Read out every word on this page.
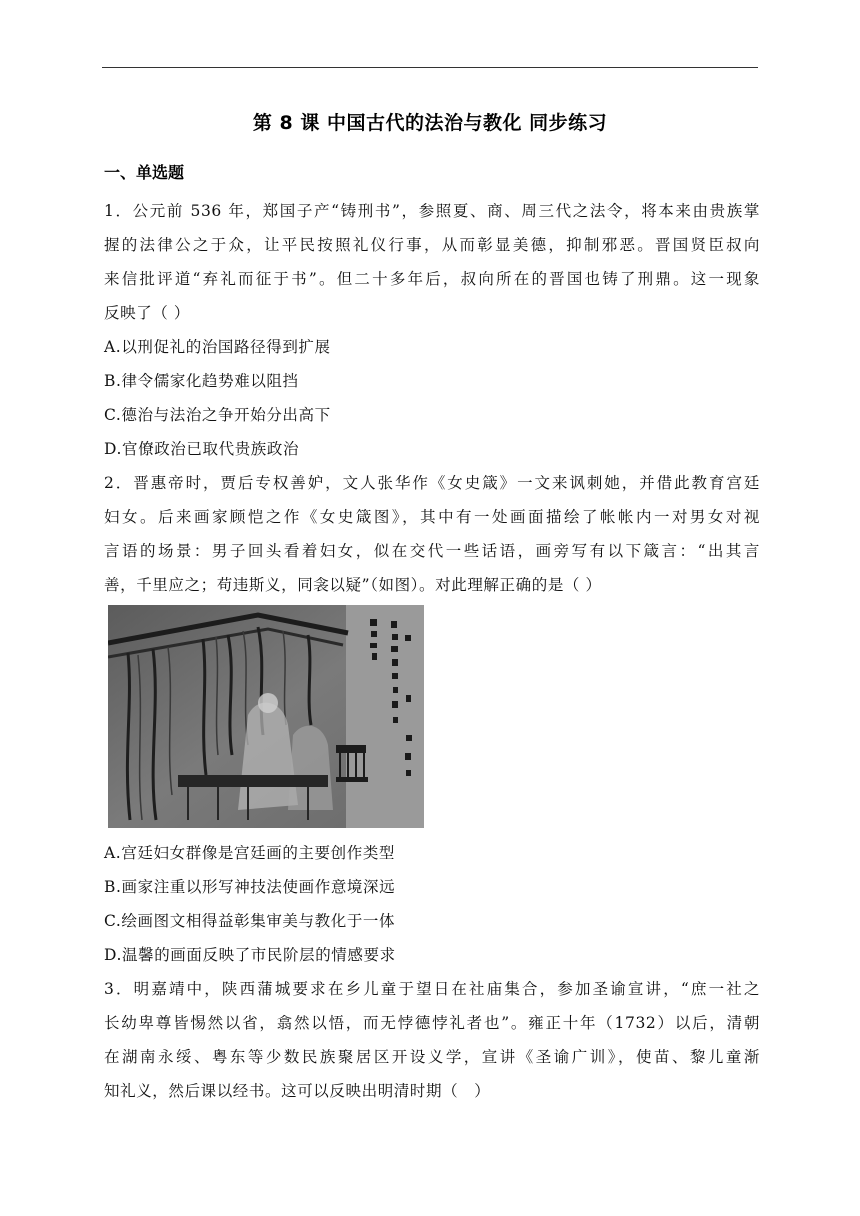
第 8 课 中国古代的法治与教化 同步练习
一、单选题
1．公元前 536 年，郑国子产“铸刑书”，参照夏、商、周三代之法令，将本来由贵族掌
握的法律公之于众，让平民按照礼仪行事，从而彰显美德，抑制邪恶。晋国贤臣叔向
来信批评道“弃礼而征于书”。但二十多年后，叔向所在的晋国也铸了刑鼎。这一现象
反映了（ ）
A.以刑促礼的治国路径得到扩展
B.律令儒家化趋势难以阻挡
C.德治与法治之争开始分出高下
D.官僚政治已取代贵族政治
2．晋惠帝时，贾后专权善妒，文人张华作《女史箴》一文来讽刺她，并借此教育宫廷
妇女。后来画家顾恺之作《女史箴图》，其中有一处画面描绘了帐帐内一对男女对视
言语的场景：男子回头看着妇女，似在交代一些话语，画旁写有以下箴言：“出其言
善，千里应之；苟违斯义，同衾以疑”（如图）。对此理解正确的是（ ）
A.宫廷妇女群像是宫廷画的主要创作类型
B.画家注重以形写神技法使画作意境深远
C.绘画图文相得益彰集审美与教化于一体
D.温馨的画面反映了市民阶层的情感要求
3．明嘉靖中，陕西蒲城要求在乡儿童于望日在社庙集合，参加圣谕宣讲，“庶一社之
长幼卑尊皆惕然以省，翕然以悟，而无悖德悖礼者也”。雍正十年（1732）以后，清朝
在湖南永绥、粤东等少数民族聚居区开设义学，宣讲《圣谕广训》，使苗、黎儿童渐
知礼义，然后课以经书。这可以反映出明清时期（　）
